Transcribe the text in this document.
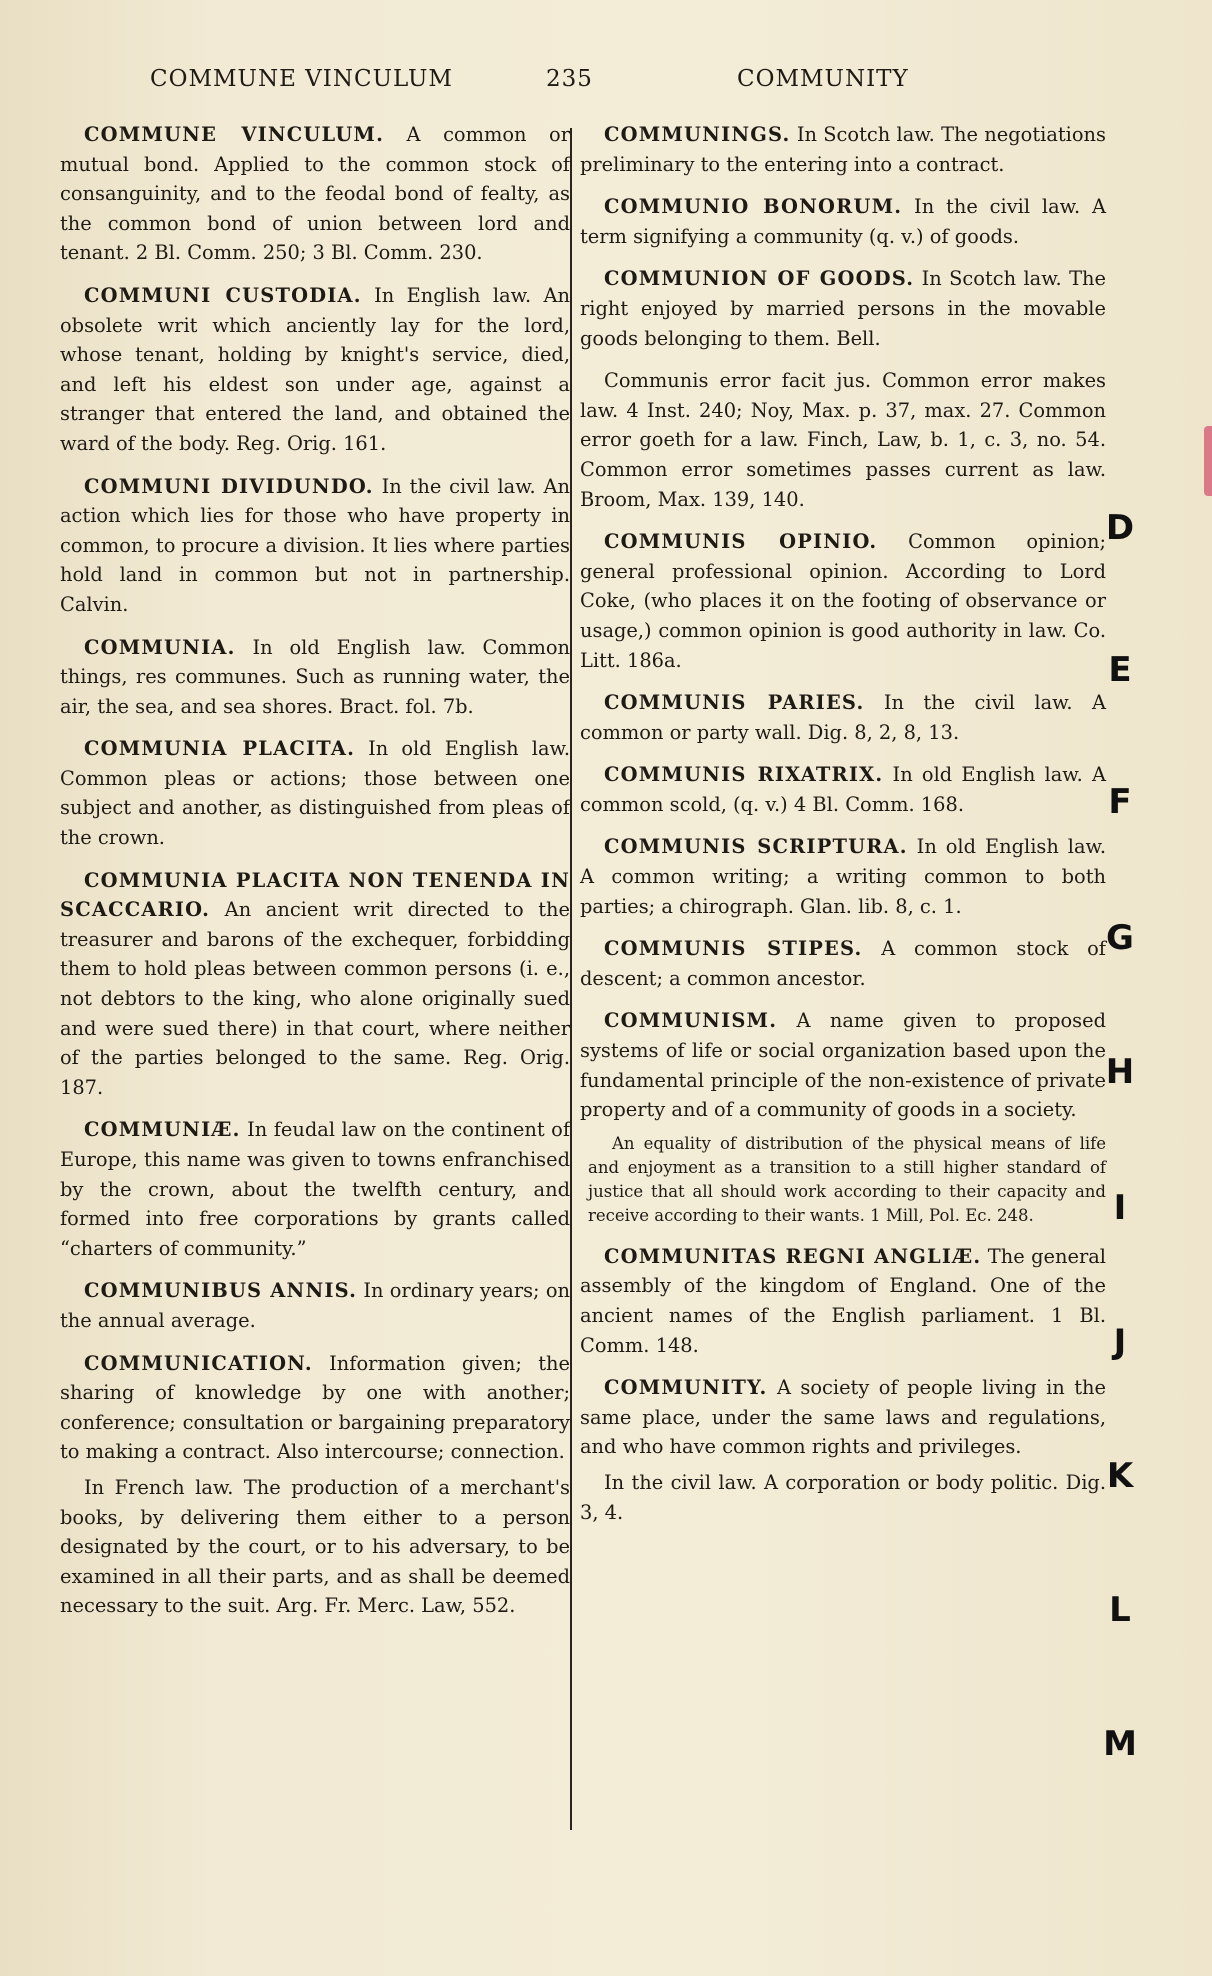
COMMUNE VINCULUM	235	COMMUNITY

COMMUNE VINCULUM. A common or mutual bond. Applied to the common stock of consanguinity, and to the feodal bond of fealty, as the common bond of union between lord and tenant. 2 Bl. Comm. 250; 3 Bl. Comm. 230.

COMMUNI CUSTODIA. In English law. An obsolete writ which anciently lay for the lord, whose tenant, holding by knight's service, died, and left his eldest son under age, against a stranger that entered the land, and obtained the ward of the body. Reg. Orig. 161.

COMMUNI DIVIDUNDO. In the civil law. An action which lies for those who have property in common, to procure a division. It lies where parties hold land in common but not in partnership. Calvin.

COMMUNIA. In old English law. Common things, res communes. Such as running water, the air, the sea, and sea shores. Bract. fol. 7b.

COMMUNIA PLACITA. In old English law. Common pleas or actions; those between one subject and another, as distinguished from pleas of the crown.

COMMUNIA PLACITA NON TENENDA IN SCACCARIO. An ancient writ directed to the treasurer and barons of the exchequer, forbidding them to hold pleas between common persons (i. e., not debtors to the king, who alone originally sued and were sued there) in that court, where neither of the parties belonged to the same. Reg. Orig. 187.

COMMUNIÆ. In feudal law on the continent of Europe, this name was given to towns enfranchised by the crown, about the twelfth century, and formed into free corporations by grants called “charters of community.”

COMMUNIBUS ANNIS. In ordinary years; on the annual average.

COMMUNICATION. Information given; the sharing of knowledge by one with another; conference; consultation or bargaining preparatory to making a contract. Also intercourse; connection.

In French law. The production of a merchant's books, by delivering them either to a person designated by the court, or to his adversary, to be examined in all their parts, and as shall be deemed necessary to the suit. Arg. Fr. Merc. Law, 552.

COMMUNINGS. In Scotch law. The negotiations preliminary to the entering into a contract.

COMMUNIO BONORUM. In the civil law. A term signifying a community (q. v.) of goods.

COMMUNION OF GOODS. In Scotch law. The right enjoyed by married persons in the movable goods belonging to them. Bell.

Communis error facit jus. Common error makes law. 4 Inst. 240; Noy, Max. p. 37, max. 27. Common error goeth for a law. Finch, Law, b. 1, c. 3, no. 54. Common error sometimes passes current as law. Broom, Max. 139, 140.

COMMUNIS OPINIO. Common opinion; general professional opinion. According to Lord Coke, (who places it on the footing of observance or usage,) common opinion is good authority in law. Co. Litt. 186a.

COMMUNIS PARIES. In the civil law. A common or party wall. Dig. 8, 2, 8, 13.

COMMUNIS RIXATRIX. In old English law. A common scold, (q. v.) 4 Bl. Comm. 168.

COMMUNIS SCRIPTURA. In old English law. A common writing; a writing common to both parties; a chirograph. Glan. lib. 8, c. 1.

COMMUNIS STIPES. A common stock of descent; a common ancestor.

COMMUNISM. A name given to proposed systems of life or social organization based upon the fundamental principle of the non-existence of private property and of a community of goods in a society.

An equality of distribution of the physical means of life and enjoyment as a transition to a still higher standard of justice that all should work according to their capacity and receive according to their wants. 1 Mill, Pol. Ec. 248.

COMMUNITAS REGNI ANGLIÆ. The general assembly of the kingdom of England. One of the ancient names of the English parliament. 1 Bl. Comm. 148.

COMMUNITY. A society of people living in the same place, under the same laws and regulations, and who have common rights and privileges.

In the civil law. A corporation or body politic. Dig. 3, 4.

D
E
F
G
H
I
J
K
L
M
